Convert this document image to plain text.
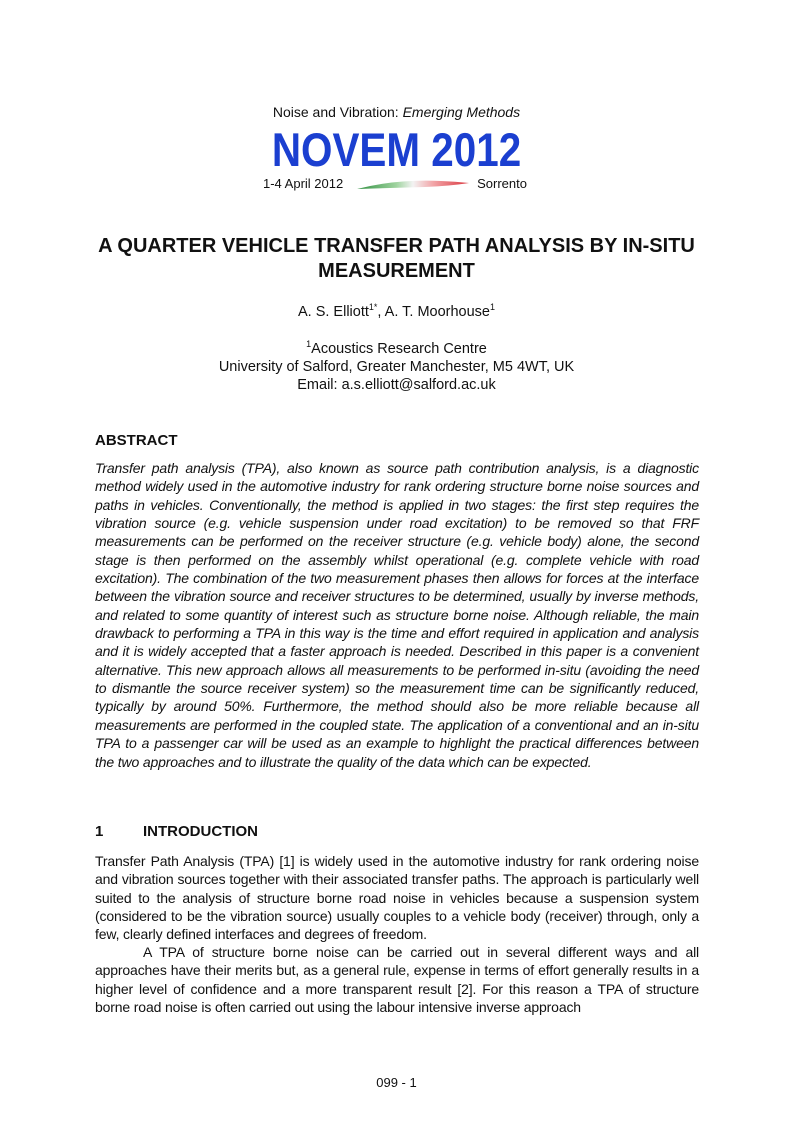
Noise and Vibration: Emerging Methods
NOVEM 2012
1-4 April 2012	Sorrento
A QUARTER VEHICLE TRANSFER PATH ANALYSIS BY IN-SITU MEASUREMENT
A. S. Elliott$^{1*}$, A. T. Moorhouse$^1$
$^1$Acoustics Research Centre
University of Salford, Greater Manchester, M5 4WT, UK
Email: a.s.elliott@salford.ac.uk
ABSTRACT
Transfer path analysis (TPA), also known as source path contribution analysis, is a diagnostic method widely used in the automotive industry for rank ordering structure borne noise sources and paths in vehicles. Conventionally, the method is applied in two stages: the first step requires the vibration source (e.g. vehicle suspension under road excitation) to be removed so that FRF measurements can be performed on the receiver structure (e.g. vehicle body) alone, the second stage is then performed on the assembly whilst operational (e.g. complete vehicle with road excitation). The combination of the two measurement phases then allows for forces at the interface between the vibration source and receiver structures to be determined, usually by inverse methods, and related to some quantity of interest such as structure borne noise. Although reliable, the main drawback to performing a TPA in this way is the time and effort required in application and analysis and it is widely accepted that a faster approach is needed. Described in this paper is a convenient alternative. This new approach allows all measurements to be performed in-situ (avoiding the need to dismantle the source receiver system) so the measurement time can be significantly reduced, typically by around 50%. Furthermore, the method should also be more reliable because all measurements are performed in the coupled state. The application of a conventional and an in-situ TPA to a passenger car will be used as an example to highlight the practical differences between the two approaches and to illustrate the quality of the data which can be expected.
1	INTRODUCTION
Transfer Path Analysis (TPA) [1] is widely used in the automotive industry for rank ordering noise and vibration sources together with their associated transfer paths. The approach is particularly well suited to the analysis of structure borne road noise in vehicles because a suspension system (considered to be the vibration source) usually couples to a vehicle body (receiver) through, only a few, clearly defined interfaces and degrees of freedom.
A TPA of structure borne noise can be carried out in several different ways and all approaches have their merits but, as a general rule, expense in terms of effort generally results in a higher level of confidence and a more transparent result [2]. For this reason a TPA of structure borne road noise is often carried out using the labour intensive inverse approach
099 - 1
